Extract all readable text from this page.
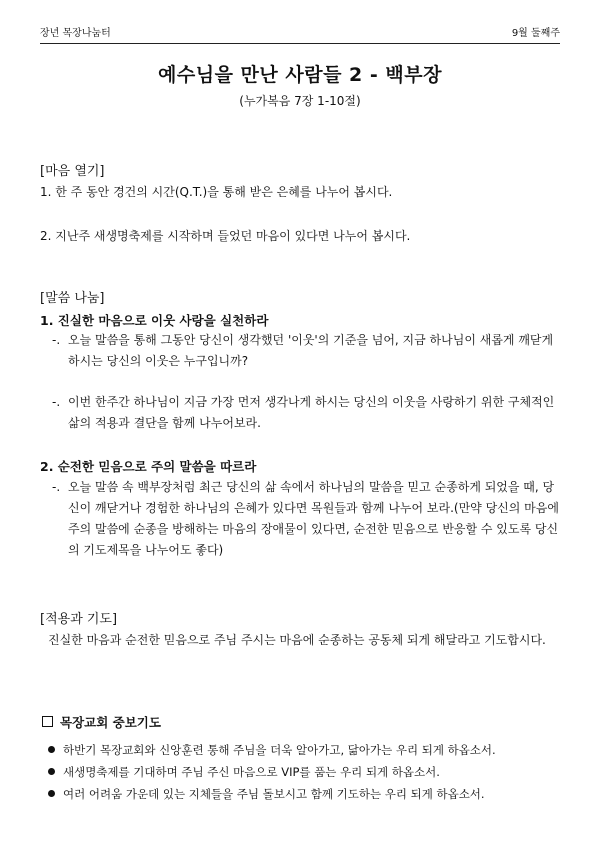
장년 목장나눔터	9월 둘째주
예수님을 만난 사람들 2 - 백부장
(누가복음 7장 1-10절)
[마음 열기]
1. 한 주 동안 경건의 시간(Q.T.)을 통해 받은 은혜를 나누어 봅시다.
2. 지난주 새생명축제를 시작하며 들었던 마음이 있다면 나누어 봅시다.
[말씀 나눔]
1. 진실한 마음으로 이웃 사랑을 실천하라
-. 오늘 말씀을 통해 그동안 당신이 생각했던 '이웃'의 기준을 넘어, 지금 하나님이 새롭게 깨닫게 하시는 당신의 이웃은 누구입니까?
-. 이번 한주간 하나님이 지금 가장 먼저 생각나게 하시는 당신의 이웃을 사랑하기 위한 구체적인 삶의 적용과 결단을 함께 나누어보라.
2. 순전한 믿음으로 주의 말씀을 따르라
-. 오늘 말씀 속 백부장처럼 최근 당신의 삶 속에서 하나님의 말씀을 믿고 순종하게 되었을 때, 당신이 깨닫거나 경험한 하나님의 은혜가 있다면 목원들과 함께 나누어 보라.(만약 당신의 마음에 주의 말씀에 순종을 방해하는 마음의 장애물이 있다면, 순전한 믿음으로 반응할 수 있도록 당신의 기도제목을 나누어도 좋다)
[적용과 기도]
진실한 마음과 순전한 믿음으로 주님 주시는 마음에 순종하는 공동체 되게 해달라고 기도합시다.
목장교회 중보기도
하반기 목장교회와 신앙훈련 통해 주님을 더욱 알아가고, 닮아가는 우리 되게 하옵소서.
새생명축제를 기대하며 주님 주신 마음으로 VIP를 품는 우리 되게 하옵소서.
여러 어려움 가운데 있는 지체들을 주님 돌보시고 함께 기도하는 우리 되게 하옵소서.
